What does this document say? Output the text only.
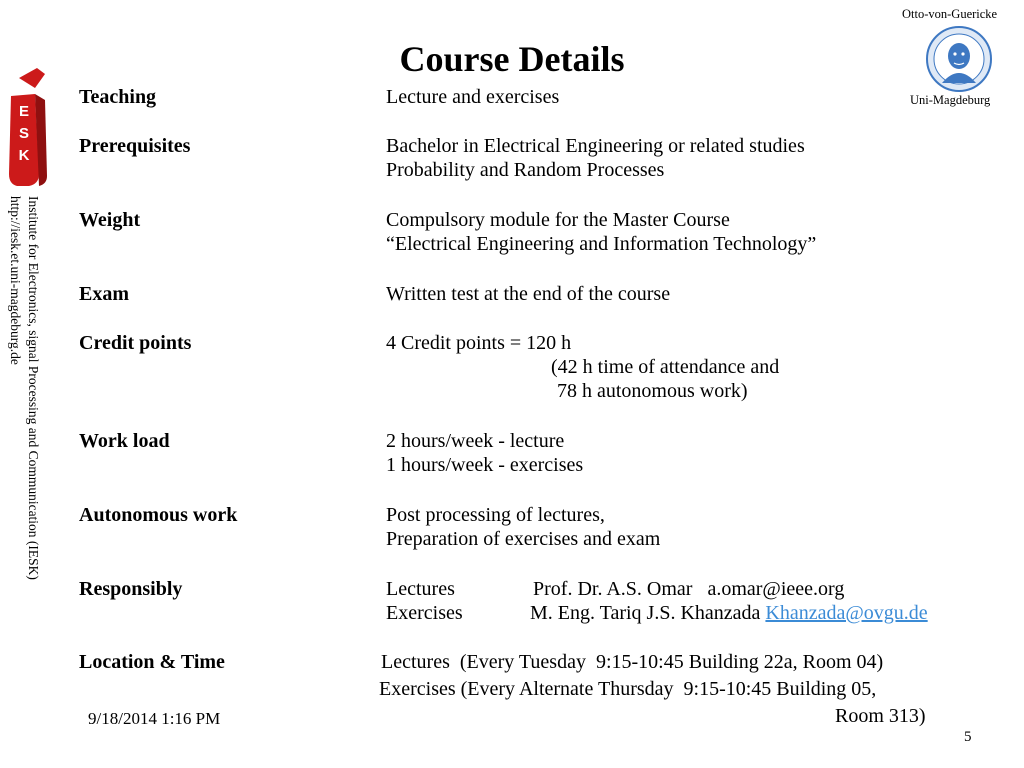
Course Details
Otto-von-Guericke
Uni-Magdeburg
E
S
K
Institute for Electronics, signal Processing and Communication (IESK)
http://iesk.et.uni-magdeburg.de
Teaching	Lecture and exercises
Prerequisites	Bachelor in Electrical Engineering or related studies
Probability and Random Processes
Weight	Compulsory module for the Master Course
“Electrical Engineering and Information Technology”
Exam	Written test at the end of the course
Credit points	4 Credit points = 120 h
(42 h time of attendance and
78 h autonomous work)
Work load	2 hours/week - lecture
1 hours/week - exercises
Autonomous work	Post processing of lectures,
Preparation of exercises and exam
Responsibly	Lectures	Prof. Dr. A.S. Omar   a.omar@ieee.org
Exercises	M. Eng. Tariq J.S. Khanzada Khanzada@ovgu.de
Location & Time	Lectures  (Every Tuesday  9:15-10:45 Building 22a, Room 04)
Exercises (Every Alternate Thursday  9:15-10:45 Building 05,
Room 313)
9/18/2014 1:16 PM
5
